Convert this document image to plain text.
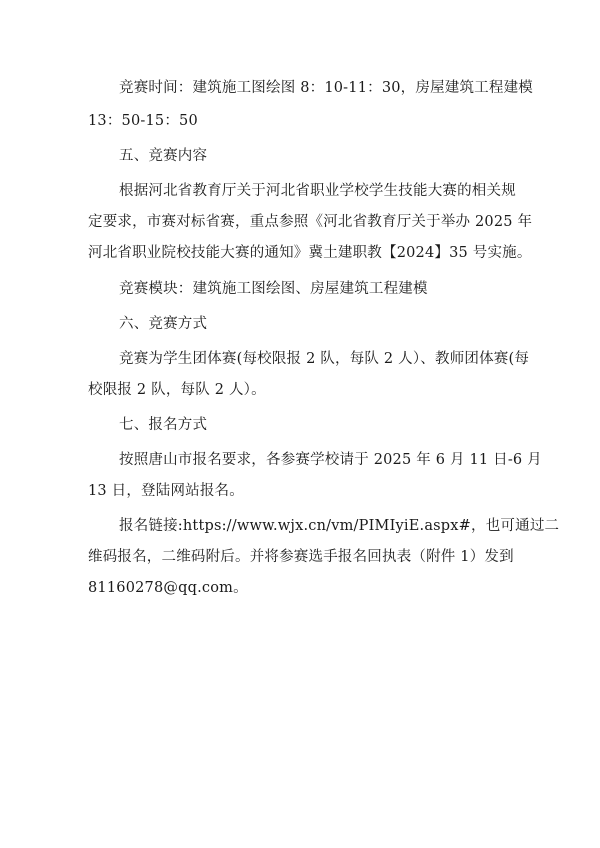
竞赛时间：建筑施工图绘图 8：10-11：30，房屋建筑工程建模
13：50-15：50
五、竞赛内容
根据河北省教育厅关于河北省职业学校学生技能大赛的相关规
定要求，市赛对标省赛，重点参照《河北省教育厅关于举办 2025 年
河北省职业院校技能大赛的通知》冀土建职教【2024】35 号实施。
竞赛模块：建筑施工图绘图、房屋建筑工程建模
六、竞赛方式
竞赛为学生团体赛(每校限报 2 队，每队 2 人）、教师团体赛(每
校限报 2 队，每队 2 人）。
七、报名方式
按照唐山市报名要求，各参赛学校请于 2025 年 6 月 11 日-6 月
13 日，登陆网站报名。
报名链接:https://www.wjx.cn/vm/PIMIyiE.aspx#，也可通过二
维码报名，二维码附后。并将参赛选手报名回执表（附件 1）发到
81160278@qq.com。
